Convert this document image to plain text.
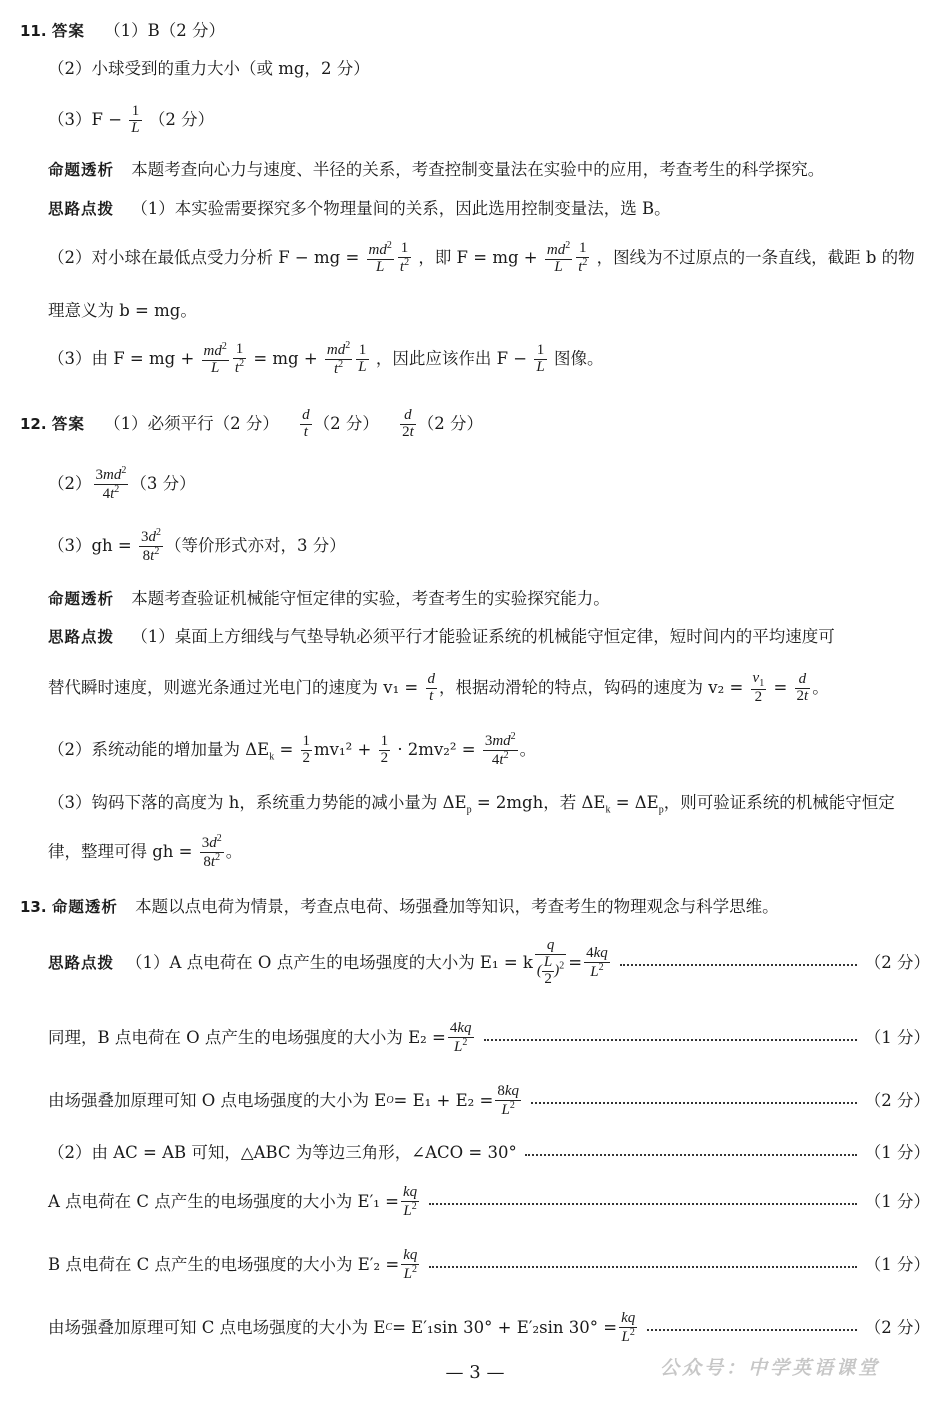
11. 答案 （1）B（2 分）
（2）小球受到的重力大小（或 mg，2 分）
$(3)F - \frac{1}{L} (2$ 分）
命题透析 本题考查向心力与速度、半径的关系，考查控制变量法在实验中的应用，考查考生的科学探究。
思路点拨 （1）本实验需要探究多个物理量间的关系，因此选用控制变量法，选 B。
（2）对小球在最低点受力分析 F − mg = $\frac{md^2}{L} \frac{1}{t^2}$ ，即 F = mg + $\frac{md^2}{L} \frac{1}{t^2}$ ，图线为不过原点的一条直线，截距 b 的物
理意义为 b = mg。
（3）由 F = mg + $\frac{md^2}{L} \frac{1}{t^2}$ = mg + $\frac{md^2}{t^2} \frac{1}{L}$ ，因此应该作出 $F - \frac{1}{L}$ 图像。
12. 答案 （1）必须平行（2 分） $\frac{d}{t} (2$ 分） $\frac{d}{2t} (2$ 分）
$(2) \frac{3md^2}{4t^2} (3$ 分）
$(3)gh = \frac{3d^2}{8t^2}$ （等价形式亦对，3 分）
命题透析 本题考查验证机械能守恒定律的实验，考查考生的实验探究能力。
思路点拨 （1）桌面上方细线与气垫导轨必须平行才能验证系统的机械能守恒定律，短时间内的平均速度可
替代瞬时速度，则遮光条通过光电门的速度为 $v_1 = \frac{d}{t}$ ，根据动滑轮的特点，钩码的速度为 $v_2 = \frac{v_1}{2} = \frac{d}{2t}$ 。
（2）系统动能的增加量为 $\Delta E_k = \frac{1}{2} mv_1^2 + \frac{1}{2} \cdot 2mv_2^2 = \frac{3md^2}{4t^2}$ 。
（3）钩码下落的高度为 h，系统重力势能的减小量为 $\Delta E_p = 2mgh$，若 $\Delta E_k = \Delta E_p$，则可验证系统的机械能守恒定
律，整理可得 gh = $\frac{3d^2}{8t^2}$ 。
13. 命题透析 本题以点电荷为情景，考查点电荷、场强叠加等知识，考查考生的物理观念与科学思维。
思路点拨 （1）A 点电荷在 O 点产生的电场强度的大小为 E₁ = k $\frac{q}{( \frac{L}{2} )^2} = \frac{4kq}{L^2}$	（2 分）
同理，B 点电荷在 O 点产生的电场强度的大小为 $E_2 = \frac{4kq}{L^2}$	（1 分）
由场强叠加原理可知 O 点电场强度的大小为 E $O = E_1 + E_2 = \frac{8kq}{L^2}$	（2 分）
（2）由 AC = AB 可知，△ABC 为等边三角形，∠ACO = 30°	（1 分）
A 点电荷在 C 点产生的电场强度的大小为 $E'_1 = \frac{kq}{L^2}$	（1 分）
B 点电荷在 C 点产生的电场强度的大小为 $E'_2 = \frac{kq}{L^2}$	（1 分）
由场强叠加原理可知 C 点电场强度的大小为 E C = E′₁sin 30° + E′₂sin $30^\circ = \frac{kq}{L^2}$	（2 分）
公众号：中学英语课堂
— 3 —
